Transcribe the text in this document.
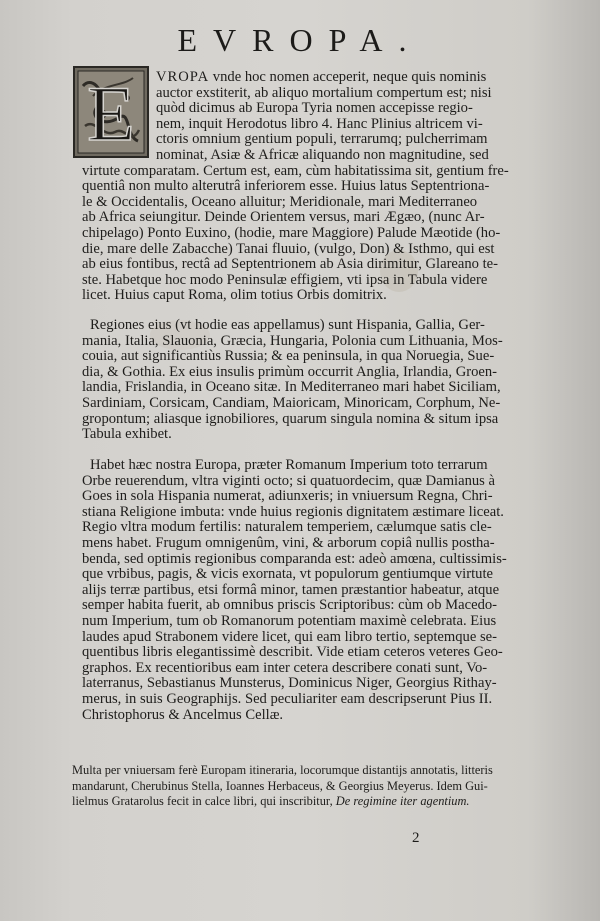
EVROPA.
E	VROPA vnde hoc nomen acceperit, neque quis nominis
auctor exstiterit, ab aliquo mortalium compertum est; nisi
quòd dicimus ab Europa Tyria nomen accepisse regio-
nem, inquit Herodotus libro 4. Hanc Plinius altricem vi-
ctoris omnium gentium populi, terrarumq; pulcherrimam
nominat, Asiæ & Africæ aliquando non magnitudine, sed
virtute comparatam. Certum est, eam, cùm habitatissima sit, gentium fre-
quentiâ non multo alterutrâ inferiorem esse. Huius latus Septentriona-
le & Occidentalis, Oceano alluitur; Meridionale, mari Mediterraneo
ab Africa seiungitur. Deinde Orientem versus, mari Ægæo, (nunc Ar-
chipelago) Ponto Euxino, (hodie, mare Maggiore) Palude Mæotide (ho-
die, mare delle Zabacche) Tanai fluuio, (vulgo, Don) & Isthmo, qui est
ab eius fontibus, rectâ ad Septentrionem ab Asia dirimitur, Glareano te-
ste. Habetque hoc modo Peninsulæ effigiem, vti ipsa in Tabula videre
licet. Huius caput Roma, olim totius Orbis domitrix.
Regiones eius (vt hodie eas appellamus) sunt Hispania, Gallia, Ger-
mania, Italia, Slauonia, Græcia, Hungaria, Polonia cum Lithuania, Mos-
couia, aut significantiùs Russia; & ea peninsula, in qua Noruegia, Sue-
dia, & Gothia. Ex eius insulis primùm occurrit Anglia, Irlandia, Groen-
landia, Frislandia, in Oceano sitæ. In Mediterraneo mari habet Siciliam,
Sardiniam, Corsicam, Candiam, Maioricam, Minoricam, Corphum, Ne-
gropontum; aliasque ignobiliores, quarum singula nomina & situm ipsa
Tabula exhibet.
Habet hæc nostra Europa, præter Romanum Imperium toto terrarum
Orbe reuerendum, vltra viginti octo; si quatuordecim, quæ Damianus à
Goes in sola Hispania numerat, adiunxeris; in vniuersum Regna, Chri-
stiana Religione imbuta: vnde huius regionis dignitatem æstimare liceat.
Regio vltra modum fertilis: naturalem temperiem, cælumque satis cle-
mens habet. Frugum omnigenûm, vini, & arborum copiâ nullis postha-
benda, sed optimis regionibus comparanda est: adeò amœna, cultissimis-
que vrbibus, pagis, & vicis exornata, vt populorum gentiumque virtute
alijs terræ partibus, etsi formâ minor, tamen præstantior habeatur, atque
semper habita fuerit, ab omnibus priscis Scriptoribus: cùm ob Macedo-
num Imperium, tum ob Romanorum potentiam maximè celebrata. Eius
laudes apud Strabonem videre licet, qui eam libro tertio, septemque se-
quentibus libris elegantissimè describit. Vide etiam ceteros veteres Geo-
graphos. Ex recentioribus eam inter cetera describere conati sunt, Vo-
laterranus, Sebastianus Munsterus, Dominicus Niger, Georgius Rithay-
merus, in suis Geographijs. Sed peculiariter eam descripserunt Pius II.
Christophorus & Ancelmus Cellæ.
Multa per vniuersam ferè Europam itineraria, locorumque distantijs annotatis, litteris
mandarunt, Cherubinus Stella, Ioannes Herbaceus, & Georgius Meyerus. Idem Gui-
lielmus Gratarolus fecit in calce libri, qui inscribitur, De regimine iter agentium.
2
